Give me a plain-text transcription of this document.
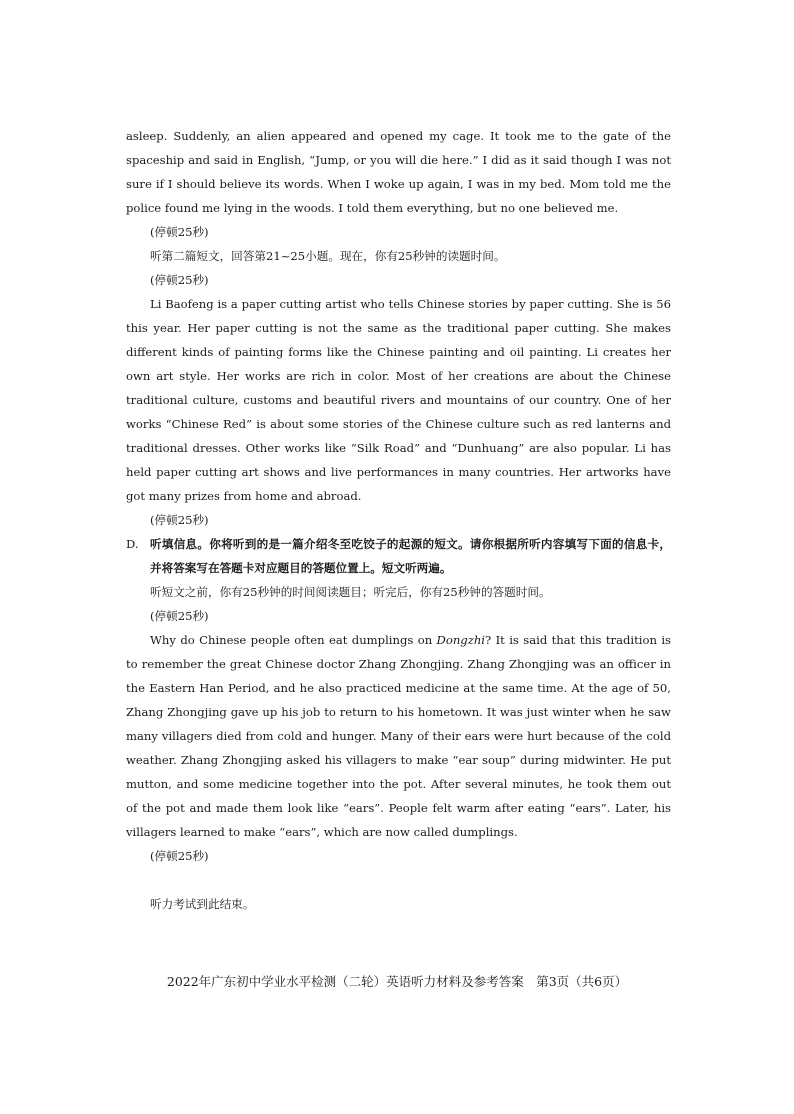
asleep. Suddenly, an alien appeared and opened my cage. It took me to the gate of the spaceship and said in English, “Jump, or you will die here.” I did as it said though I was not sure if I should believe its words. When I woke up again, I was in my bed. Mom told me the police found me lying in the woods. I told them everything, but no one believed me.

(停顿25秒)

听第二篇短文，回答第21~25小题。现在，你有25秒钟的读题时间。

(停顿25秒)

Li Baofeng is a paper cutting artist who tells Chinese stories by paper cutting. She is 56 this year. Her paper cutting is not the same as the traditional paper cutting. She makes different kinds of painting forms like the Chinese painting and oil painting. Li creates her own art style. Her works are rich in color. Most of her creations are about the Chinese traditional culture, customs and beautiful rivers and mountains of our country. One of her works “Chinese Red” is about some stories of the Chinese culture such as red lanterns and traditional dresses. Other works like “Silk Road” and “Dunhuang” are also popular. Li has held paper cutting art shows and live performances in many countries. Her artworks have got many prizes from home and abroad.

(停顿25秒)

D. 听填信息。你将听到的是一篇介绍冬至吃饺子的起源的短文。请你根据所听内容填写下面的信息卡，并将答案写在答题卡对应题目的答题位置上。短文听两遍。

听短文之前，你有25秒钟的时间阅读题目；听完后，你有25秒钟的答题时间。

(停顿25秒)

Why do Chinese people often eat dumplings on Dongzhi? It is said that this tradition is to remember the great Chinese doctor Zhang Zhongjing. Zhang Zhongjing was an officer in the Eastern Han Period, and he also practiced medicine at the same time. At the age of 50, Zhang Zhongjing gave up his job to return to his hometown. It was just winter when he saw many villagers died from cold and hunger. Many of their ears were hurt because of the cold weather. Zhang Zhongjing asked his villagers to make “ear soup” during midwinter. He put mutton, and some medicine together into the pot. After several minutes, he took them out of the pot and made them look like “ears”. People felt warm after eating “ears”. Later, his villagers learned to make “ears”, which are now called dumplings.

(停顿25秒)

听力考试到此结束。

2022年广东初中学业水平检测（二轮）英语听力材料及参考答案　第3页（共6页）
